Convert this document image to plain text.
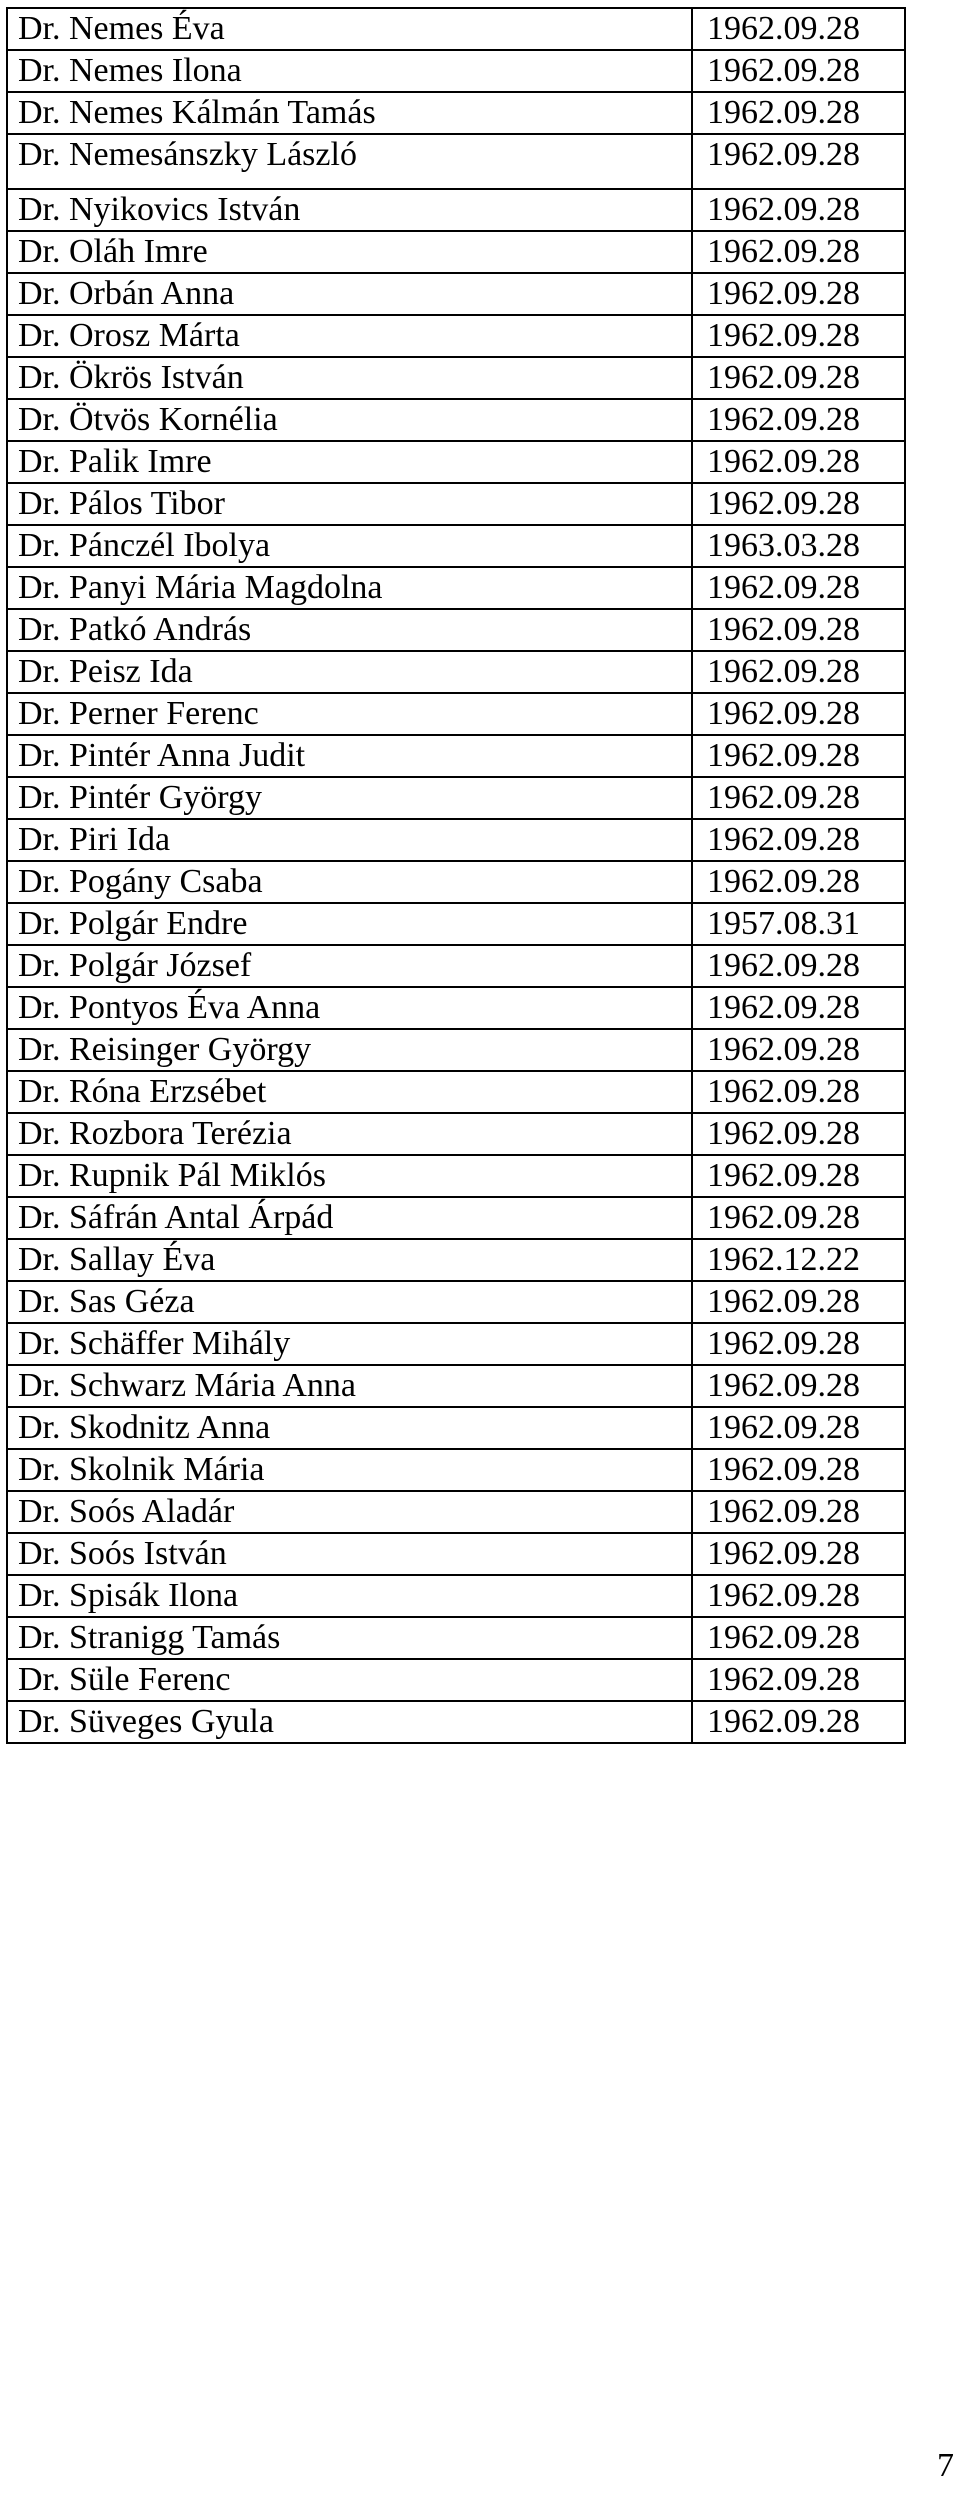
Dr. Nemes Éva	1962.09.28
Dr. Nemes Ilona	1962.09.28
Dr. Nemes Kálmán Tamás	1962.09.28
Dr. Nemesánszky László	1962.09.28
Dr. Nyikovics István	1962.09.28
Dr. Oláh Imre	1962.09.28
Dr. Orbán Anna	1962.09.28
Dr. Orosz Márta	1962.09.28
Dr. Ökrös István	1962.09.28
Dr. Ötvös Kornélia	1962.09.28
Dr. Palik Imre	1962.09.28
Dr. Pálos Tibor	1962.09.28
Dr. Pánczél Ibolya	1963.03.28
Dr. Panyi Mária Magdolna	1962.09.28
Dr. Patkó András	1962.09.28
Dr. Peisz Ida	1962.09.28
Dr. Perner Ferenc	1962.09.28
Dr. Pintér Anna Judit	1962.09.28
Dr. Pintér György	1962.09.28
Dr. Piri Ida	1962.09.28
Dr. Pogány Csaba	1962.09.28
Dr. Polgár Endre	1957.08.31
Dr. Polgár József	1962.09.28
Dr. Pontyos Éva Anna	1962.09.28
Dr. Reisinger György	1962.09.28
Dr. Róna Erzsébet	1962.09.28
Dr. Rozbora Terézia	1962.09.28
Dr. Rupnik Pál Miklós	1962.09.28
Dr. Sáfrán Antal Árpád	1962.09.28
Dr. Sallay Éva	1962.12.22
Dr. Sas Géza	1962.09.28
Dr. Schäffer Mihály	1962.09.28
Dr. Schwarz Mária Anna	1962.09.28
Dr. Skodnitz Anna	1962.09.28
Dr. Skolnik Mária	1962.09.28
Dr. Soós Aladár	1962.09.28
Dr. Soós István	1962.09.28
Dr. Spisák Ilona	1962.09.28
Dr. Stranigg Tamás	1962.09.28
Dr. Süle Ferenc	1962.09.28
Dr. Süveges Gyula	1962.09.28
7
